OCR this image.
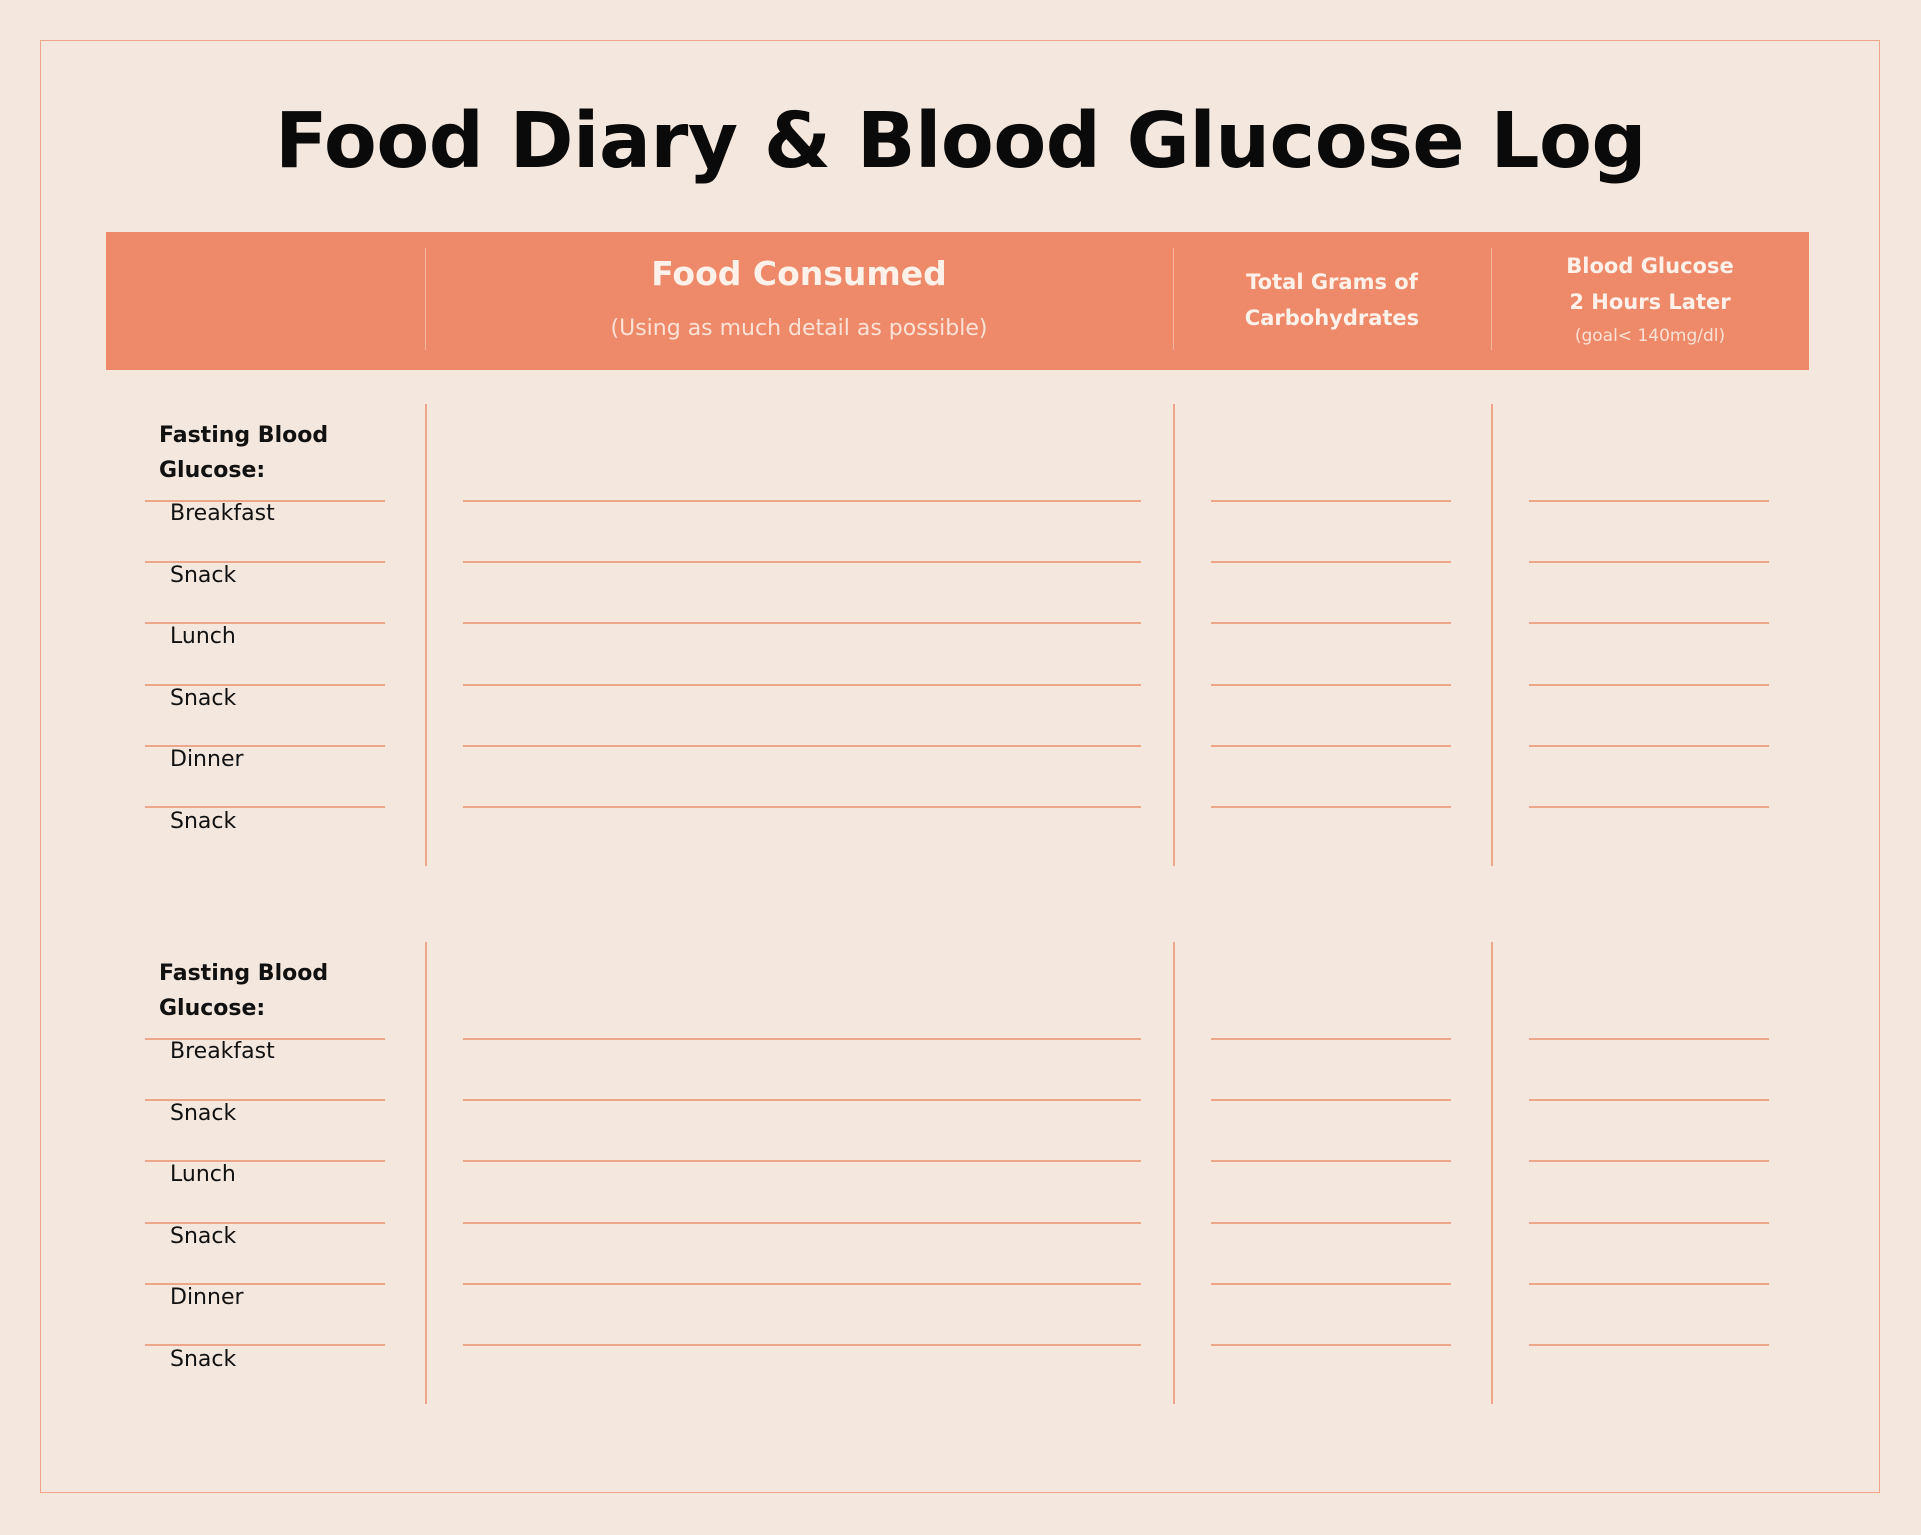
Food Diary & Blood Glucose Log
Food Consumed
(Using as much detail as possible)
Total Grams of
Carbohydrates
Blood Glucose
2 Hours Later
(goal< 140mg/dl)
Fasting Blood
Glucose:
Breakfast
Snack
Lunch
Snack
Dinner
Snack
Fasting Blood
Glucose:
Breakfast
Snack
Lunch
Snack
Dinner
Snack
